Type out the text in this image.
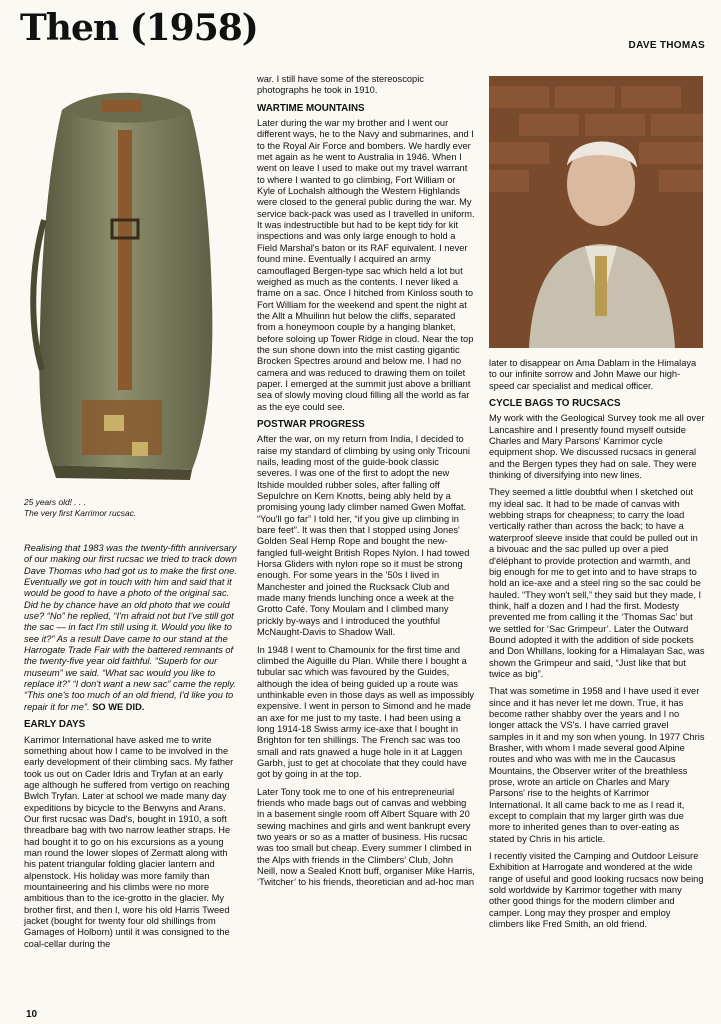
Then (1958)	DAVE THOMAS
25 years old! . . .
The very first Karrimor rucsac.

Realising that 1983 was the twenty-fifth anniversary of our making our first rucsac we tried to track down Dave Thomas who had got us to make the first one. Eventually we got in touch with him and said that it would be good to have a photo of the original sac. Did he by chance have an old photo that we could use? “No” he replied, “I'm afraid not but I've still got the sac — in fact I'm still using it. Would you like to see it?” As a result Dave came to our stand at the Harrogate Trade Fair with the battered remnants of the twenty-five year old faithful. “Superb for our museum” we said. “What sac would you like to replace it?” “I don't want a new sac” came the reply. “This one's too much of an old friend, I'd like you to repair it for me”. SO WE DID.

EARLY DAYS

Karrimor International have asked me to write something about how I came to be involved in the early development of their climbing sacs. My father took us out on Cader Idris and Tryfan at an early age although he suffered from vertigo on reaching Bwlch Tryfan. Later at school we made many day expeditions by bicycle to the Berwyns and Arans. Our first rucsac was Dad's, bought in 1910, a soft threadbare bag with two narrow leather straps. He had bought it to go on his excursions as a young man round the lower slopes of Zermatt along with his patent triangular folding glacier lantern and alpenstock. His holiday was more family than mountaineering and his climbs were no more ambitious than to the ice-grotto in the glacier. My brother first, and then I, wore his old Harris Tweed jacket (bought for twenty four old shillings from Gamages of Holborn) until it was consigned to the coal-cellar during the

war. I still have some of the stereoscopic photographs he took in 1910.

WARTIME MOUNTAINS

Later during the war my brother and I went our different ways, he to the Navy and submarines, and I to the Royal Air Force and bombers. We hardly ever met again as he went to Australia in 1946. When I went on leave I used to make out my travel warrant to where I wanted to go climbing, Fort William or Kyle of Lochalsh although the Western Highlands were closed to the general public during the war. My service back-pack was used as I travelled in uniform. It was indestructible but had to be kept tidy for kit inspections and was only large enough to hold a Field Marshal's baton or its RAF equivalent. I never found mine. Eventually I acquired an army camouflaged Bergen-type sac which held a lot but weighed as much as the contents. I never liked a frame on a sac. Once I hitched from Kinloss south to Fort William for the weekend and spent the night at the Allt a Mhuilinn hut below the cliffs, separated from a honeymoon couple by a hanging blanket, before soloing up Tower Ridge in cloud. Near the top the sun shone down into the mist casting gigantic Brocken Spectres around and below me. I had no camera and was reduced to drawing them on toilet paper. I emerged at the summit just above a brilliant sea of slowly moving cloud filling all the world as far as the eye could see.

POSTWAR PROGRESS

After the war, on my return from India, I decided to raise my standard of climbing by using only Tricouni nails, leading most of the guide-book classic severes. I was one of the first to adopt the new Itshide moulded rubber soles, after falling off Sepulchre on Kern Knotts, being ably held by a promising young lady climber named Gwen Moffat. “You'll go far” I told her, “if you give up climbing in bare feet”. It was then that I stopped using Jones' Golden Seal Hemp Rope and bought the new-fangled full-weight British Ropes Nylon. I had towed Horsa Gliders with nylon rope so it must be strong enough. For some years in the '50s I lived in Manchester and joined the Rucksack Club and made many friends lunching once a week at the Grotto Café. Tony Moulam and I climbed many prickly by-ways and I introduced the youthful McNaught-Davis to Shadow Wall.

In 1948 I went to Chamounix for the first time and climbed the Aiguille du Plan. While there I bought a tubular sac which was favoured by the Guides, although the idea of being guided up a route was unthinkable even in those days as well as impossibly expensive. I went in person to Simond and he made an axe for me just to my taste. I had been using a long 1914-18 Swiss army ice-axe that I bought in Brighton for ten shillings. The French sac was too small and rats gnawed a huge hole in it at Laggen Garbh, just to get at chocolate that they could have got by going in at the top.

Later Tony took me to one of his entrepreneurial friends who made bags out of canvas and webbing in a basement single room off Albert Square with 20 sewing machines and girls and went bankrupt every two years or so as a matter of business. His rucsac was too small but cheap. Every summer I climbed in the Alps with friends in the Climbers' Club, John Neill, now a Sealed Knott buff, organiser Mike Harris, ‘Twitcher’ to his friends, theoretician and ad-hoc man

later to disappear on Ama Dablam in the Himalaya to our infinite sorrow and John Mawe our high-speed car specialist and medical officer.

CYCLE BAGS TO RUCSACS

My work with the Geological Survey took me all over Lancashire and I presently found myself outside Charles and Mary Parsons' Karrimor cycle equipment shop. We discussed rucsacs in general and the Bergen types they had on sale. They were thinking of diversifying into new lines.

They seemed a little doubtful when I sketched out my ideal sac. It had to be made of canvas with webbing straps for cheapness; to carry the load vertically rather than across the back; to have a waterproof sleeve inside that could be pulled out in a bivouac and the sac pulled up over a pied d'éléphant to provide protection and warmth, and big enough for me to get into and to have straps to hold an ice-axe and a steel ring so the sac could be hauled. “They won't sell,” they said but they made, I think, half a dozen and I had the first. Modesty prevented me from calling it the ‘Thomas Sac’ but we settled for ‘Sac Grimpeur’. Later the Outward Bound adopted it with the addition of side pockets and Don Whillans, looking for a Himalayan Sac, was shown the Grimpeur and said, “Just like that but twice as big”.

That was sometime in 1958 and I have used it ever since and it has never let me down. True, it has become rather shabby over the years and I no longer attack the VS's. I have carried gravel samples in it and my son when young. In 1977 Chris Brasher, with whom I made several good Alpine routes and who was with me in the Caucasus Mountains, the Observer writer of the breathless prose, wrote an article on Charles and Mary Parsons' rise to the heights of Karrimor International. It all came back to me as I read it, except to complain that my larger girth was due more to inherited genes than to over-eating as stated by Chris in his article.

I recently visited the Camping and Outdoor Leisure Exhibition at Harrogate and wondered at the wide range of useful and good looking rucsacs now being sold worldwide by Karrimor together with many other good things for the modern climber and camper. Long may they prosper and employ climbers like Fred Smith, an old friend.

10
